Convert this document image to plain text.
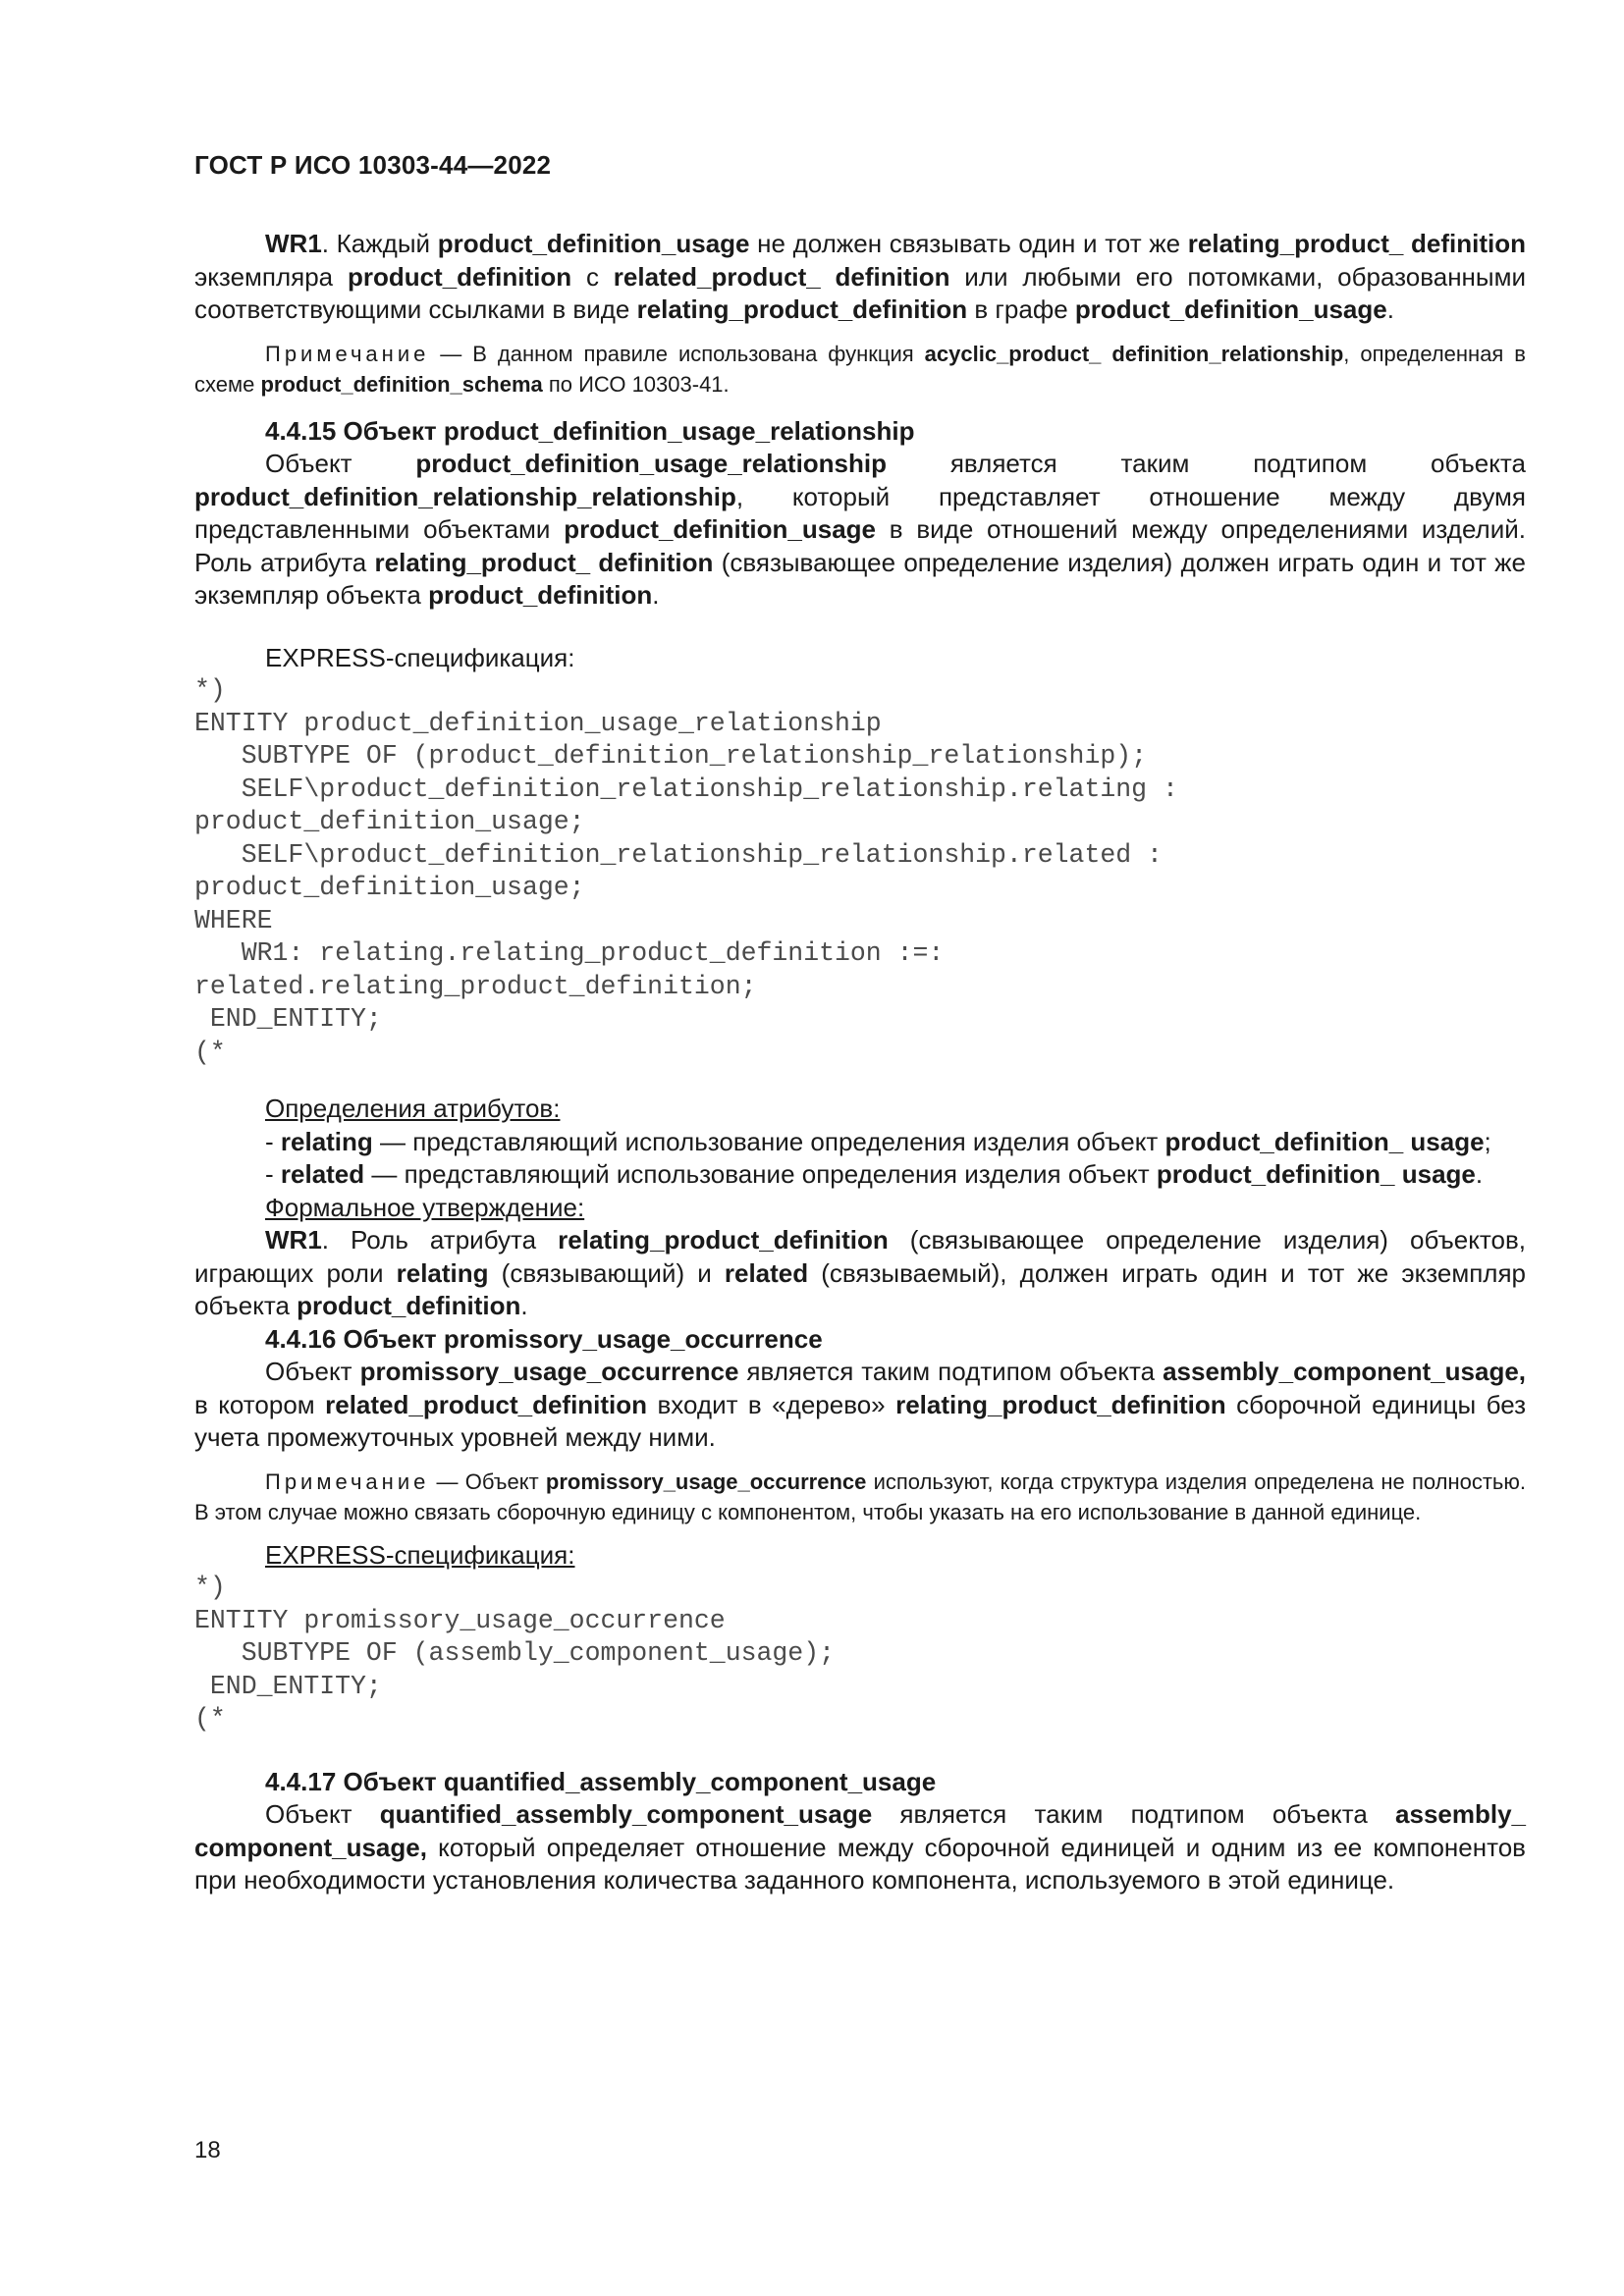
ГОСТ Р ИСО 10303-44—2022

WR1. Каждый product_definition_usage не должен связывать один и тот же relating_product_ definition экземпляра product_definition с related_product_ definition или любыми его потомками, образованными соответствующими ссылками в виде relating_product_definition в графе product_definition_usage.

Примечание — В данном правиле использована функция acyclic_product_ definition_relationship, определенная в схеме product_definition_schema по ИСО 10303-41.

4.4.15 Объект product_definition_usage_relationship

Объект product_definition_usage_relationship является таким подтипом объекта product_definition_relationship_relationship, который представляет отношение между двумя представленными объектами product_definition_usage в виде отношений между определениями изделий. Роль атрибута relating_product_ definition (связывающее определение изделия) должен играть один и тот же экземпляр объекта product_definition.

EXPRESS-спецификация:

*)
ENTITY product_definition_usage_relationship
SUBTYPE OF (product_definition_relationship_relationship);
SELF\product_definition_relationship_relationship.relating :
product_definition_usage;
SELF\product_definition_relationship_relationship.related :
product_definition_usage;
WHERE
WR1: relating.relating_product_definition :=:
related.relating_product_definition;
END_ENTITY;
(*

Определения атрибутов:

- relating — представляющий использование определения изделия объект product_definition_ usage;

- related — представляющий использование определения изделия объект product_definition_ usage.

Формальное утверждение:

WR1. Роль атрибута relating_product_definition (связывающее определение изделия) объектов, играющих роли relating (связывающий) и related (связываемый), должен играть один и тот же экземпляр объекта product_definition.

4.4.16 Объект promissory_usage_occurrence

Объект promissory_usage_occurrence является таким подтипом объекта assembly_component_usage, в котором related_product_definition входит в «дерево» relating_product_definition сборочной единицы без учета промежуточных уровней между ними.

Примечание — Объект promissory_usage_occurrence используют, когда структура изделия определена не полностью. В этом случае можно связать сборочную единицу с компонентом, чтобы указать на его использование в данной единице.

EXPRESS-спецификация:

*)
ENTITY promissory_usage_occurrence
SUBTYPE OF (assembly_component_usage);
END_ENTITY;
(*

4.4.17 Объект quantified_assembly_component_usage

Объект quantified_assembly_component_usage является таким подтипом объекта assembly_ component_usage, который определяет отношение между сборочной единицей и одним из ее компонентов при необходимости установления количества заданного компонента, используемого в этой единице.

18
